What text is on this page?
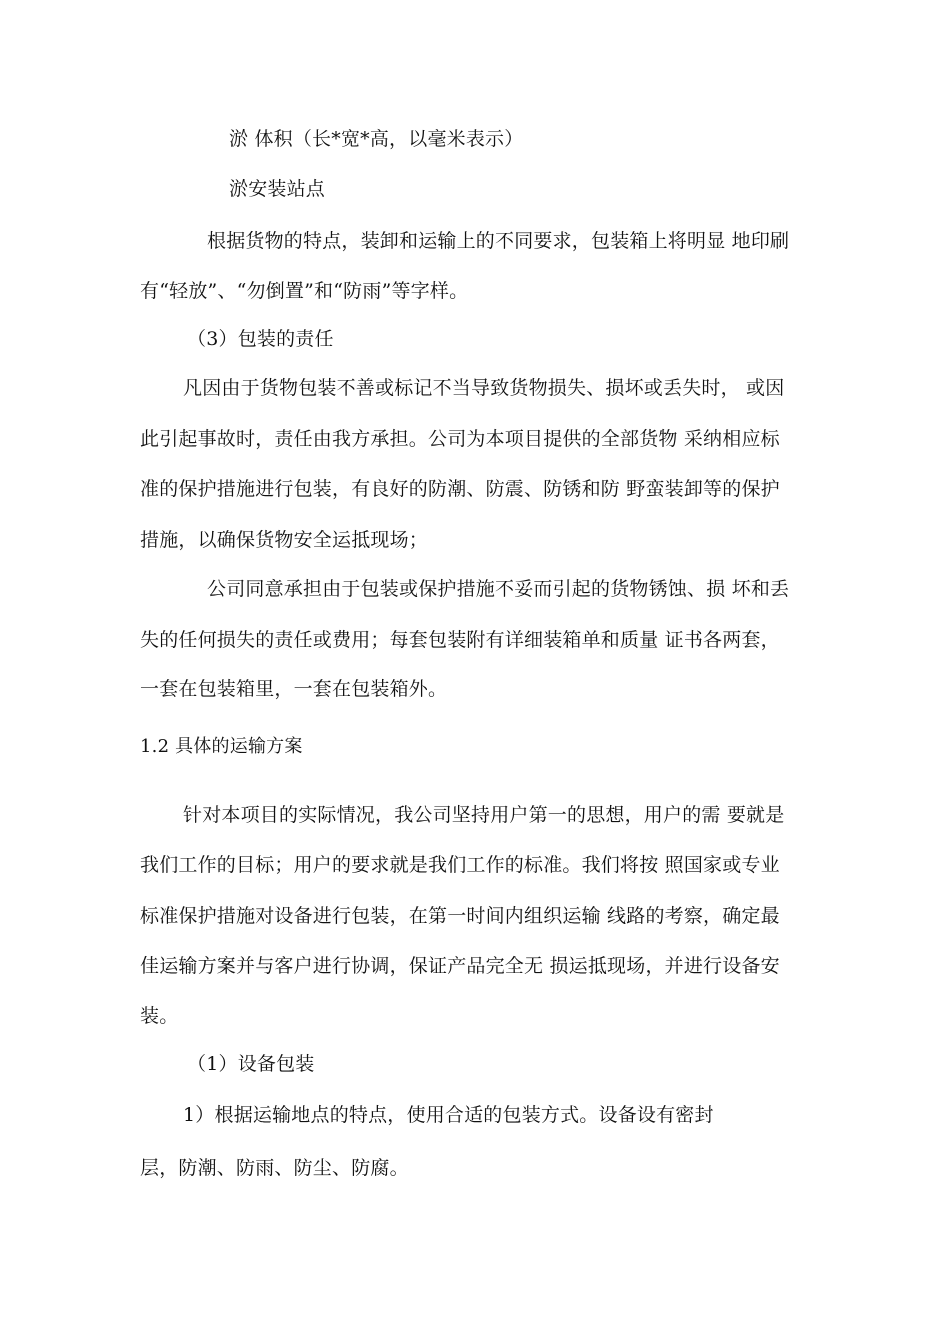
淤 体积（长*宽*高，以毫米表示）
淤安装站点
根据货物的特点，装卸和运输上的不同要求，包装箱上将明显 地印刷
有“轻放”、“勿倒置”和“防雨”等字样。
（3）包装的责任
凡因由于货物包装不善或标记不当导致货物损失、损坏或丢失时， 或因
此引起事故时，责任由我方承担。公司为本项目提供的全部货物 采纳相应标
准的保护措施进行包装，有良好的防潮、防震、防锈和防 野蛮装卸等的保护
措施，以确保货物安全运抵现场；
公司同意承担由于包装或保护措施不妥而引起的货物锈蚀、损 坏和丢
失的任何损失的责任或费用；每套包装附有详细装箱单和质量 证书各两套，
一套在包装箱里，一套在包装箱外。
1.2 具体的运输方案
针对本项目的实际情况，我公司坚持用户第一的思想，用户的需 要就是
我们工作的目标；用户的要求就是我们工作的标准。我们将按 照国家或专业
标准保护措施对设备进行包装，在第一时间内组织运输 线路的考察，确定最
佳运输方案并与客户进行协调，保证产品完全无 损运抵现场，并进行设备安
装。
（1）设备包装
1）根据运输地点的特点，使用合适的包装方式。设备设有密封
层，防潮、防雨、防尘、防腐。
